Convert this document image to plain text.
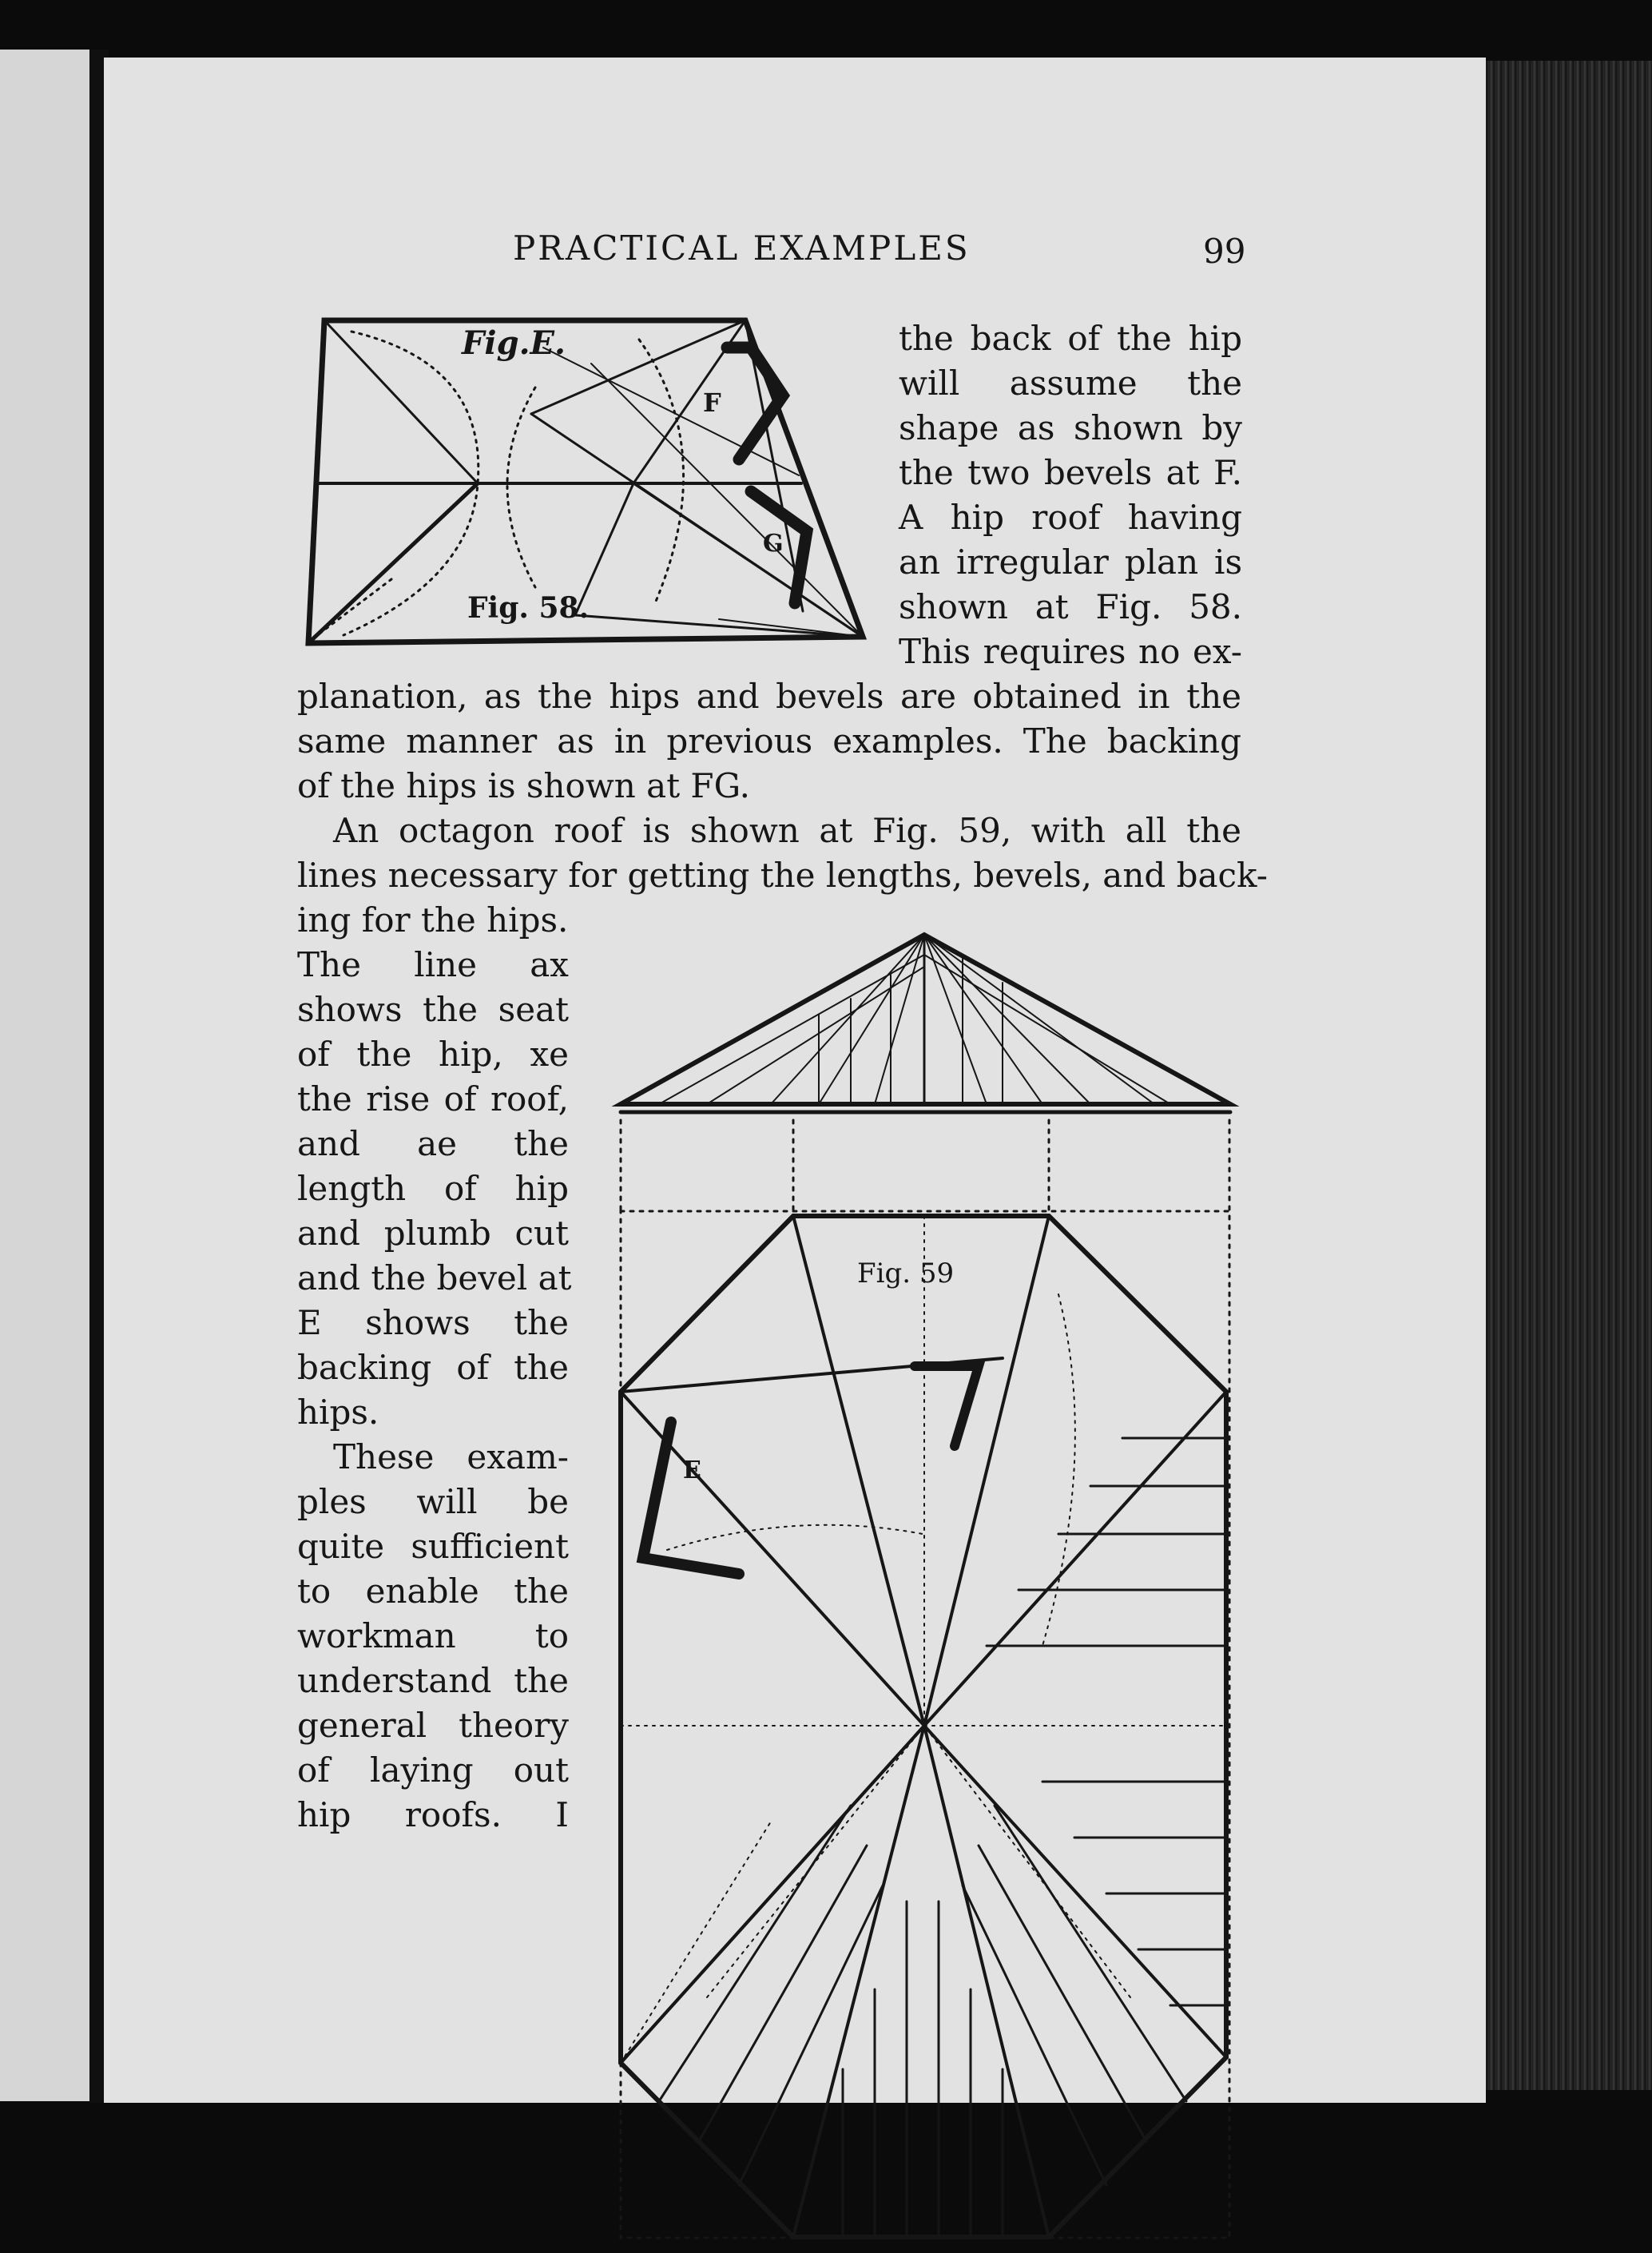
PRACTICAL EXAMPLES	99
Fig.E.
Fig. 58.
F
G
the back of the hip
will assume the
shape as shown by
the two bevels at F.
A hip roof having
an irregular plan is
shown at Fig. 58.
This requires no ex-
planation, as the hips and bevels are obtained in the
same manner as in previous examples. The backing
of the hips is shown at FG.
An octagon roof is shown at Fig. 59, with all the
lines necessary for getting the lengths, bevels, and back-
ing for the hips.
The line ax
shows the seat
of the hip, xe
the rise of roof,
and ae the
length of hip
and plumb cut
and the bevel at
E shows the
backing of the
hips.
These exam-
ples will be
quite sufficient
to enable the
workman to
understand the
general theory
of laying out
hip roofs. I
Fig. 59
E
